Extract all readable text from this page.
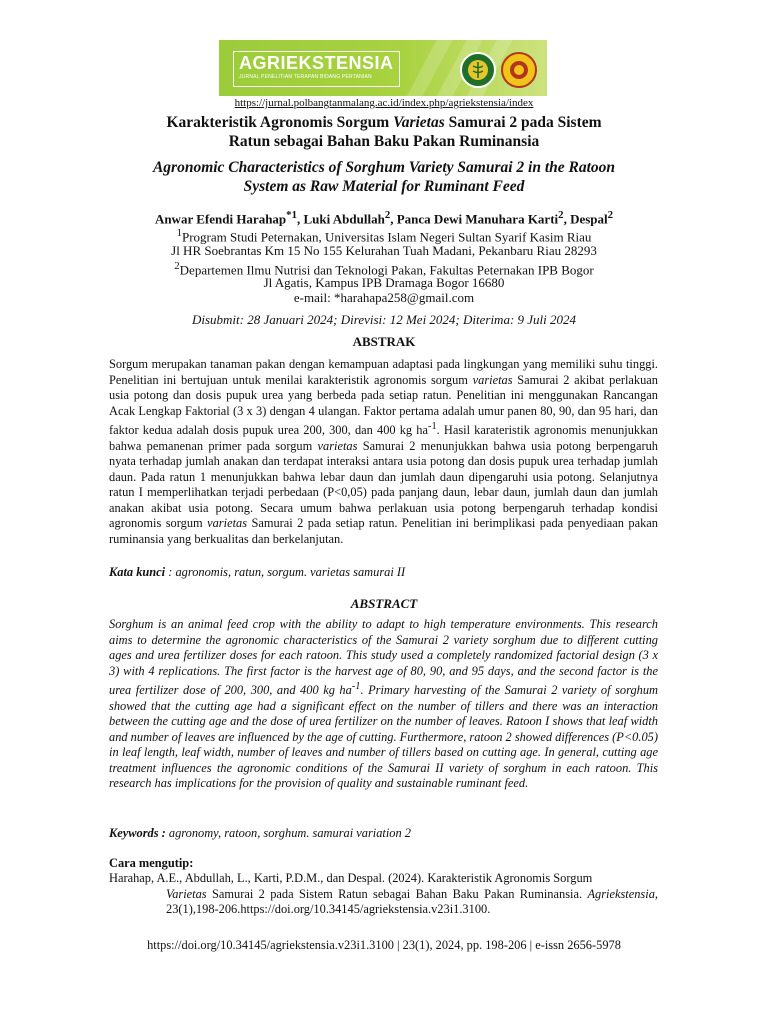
AGRIEKSTENSIA
JURNAL PENELITIAN TERAPAN BIDANG PERTANIAN
https://jurnal.polbangtanmalang.ac.id/index.php/agriekstensia/index
Karakteristik Agronomis Sorgum Varietas Samurai 2 pada Sistem
Ratun sebagai Bahan Baku Pakan Ruminansia
Agronomic Characteristics of Sorghum Variety Samurai 2 in the Ratoon
System as Raw Material for Ruminant Feed
Anwar Efendi Harahap$^{*1}$, Luki Abdullah$^2$, Panca Dewi Manuhara Karti$^2$, Despal$^2$
$^1$Program Studi Peternakan, Universitas Islam Negeri Sultan Syarif Kasim Riau
Jl HR Soebrantas Km 15 No 155 Kelurahan Tuah Madani, Pekanbaru Riau 28293
$^2$Departemen Ilmu Nutrisi dan Teknologi Pakan, Fakultas Peternakan IPB Bogor
Jl Agatis, Kampus IPB Dramaga Bogor 16680
e-mail: *harahapa258@gmail.com
Disubmit: 28 Januari 2024; Direvisi: 12 Mei 2024; Diterima: 9 Juli 2024
ABSTRAK
Sorgum merupakan tanaman pakan dengan kemampuan adaptasi pada lingkungan yang memiliki suhu tinggi. Penelitian ini bertujuan untuk menilai karakteristik agronomis sorgum varietas Samurai 2 akibat perlakuan usia potong dan dosis pupuk urea yang berbeda pada setiap ratun. Penelitian ini menggunakan Rancangan Acak Lengkap Faktorial (3 x 3) dengan 4 ulangan. Faktor pertama adalah umur panen 80, 90, dan 95 hari, dan faktor kedua adalah dosis pupuk urea 200, 300, dan 400 kg $ha^{-1}$. Hasil karateristik agronomis menunjukkan bahwa pemanenan primer pada sorgum varietas Samurai 2 menunjukkan bahwa usia potong berpengaruh nyata terhadap jumlah anakan dan terdapat interaksi antara usia potong dan dosis pupuk urea terhadap jumlah daun. Pada ratun 1 menunjukkan bahwa lebar daun dan jumlah daun dipengaruhi usia potong. Selanjutnya ratun I memperlihatkan terjadi perbedaan (P<0,05) pada panjang daun, lebar daun, jumlah daun dan jumlah anakan akibat usia potong. Secara umum bahwa perlakuan usia potong berpengaruh terhadap kondisi agronomis sorgum varietas Samurai 2 pada setiap ratun. Penelitian ini berimplikasi pada penyediaan pakan ruminansia yang berkualitas dan berkelanjutan.
Kata kunci : agronomis, ratun, sorgum. varietas samurai II
ABSTRACT
Sorghum is an animal feed crop with the ability to adapt to high temperature environments. This research aims to determine the agronomic characteristics of the Samurai 2 variety sorghum due to different cutting ages and urea fertilizer doses for each ratoon. This study used a completely randomized factorial design (3 x 3) with 4 replications. The first factor is the harvest age of 80, 90, and 95 days, and the second factor is the urea fertilizer dose of 200, 300, and 400 kg $ha^{-1}$. Primary harvesting of the Samurai 2 variety of sorghum showed that the cutting age had a significant effect on the number of tillers and there was an interaction between the cutting age and the dose of urea fertilizer on the number of leaves. Ratoon I shows that leaf width and number of leaves are influenced by the age of cutting. Furthermore, ratoon 2 showed differences (P<0.05) in leaf length, leaf width, number of leaves and number of tillers based on cutting age. In general, cutting age treatment influences the agronomic conditions of the Samurai II variety of sorghum in each ratoon. This research has implications for the provision of quality and sustainable ruminant feed.
Keywords : agronomy, ratoon, sorghum. samurai variation 2
Cara mengutip:
Harahap, A.E., Abdullah, L., Karti, P.D.M., dan Despal. (2024). Karakteristik Agronomis Sorgum
Varietas Samurai 2 pada Sistem Ratun sebagai Bahan Baku Pakan Ruminansia. Agriekstensia, 23(1),198-206.https://doi.org/10.34145/agriekstensia.v23i1.3100.
https://doi.org/10.34145/agriekstensia.v23i1.3100 | 23(1), 2024, pp. 198-206 | e-issn 2656-5978
